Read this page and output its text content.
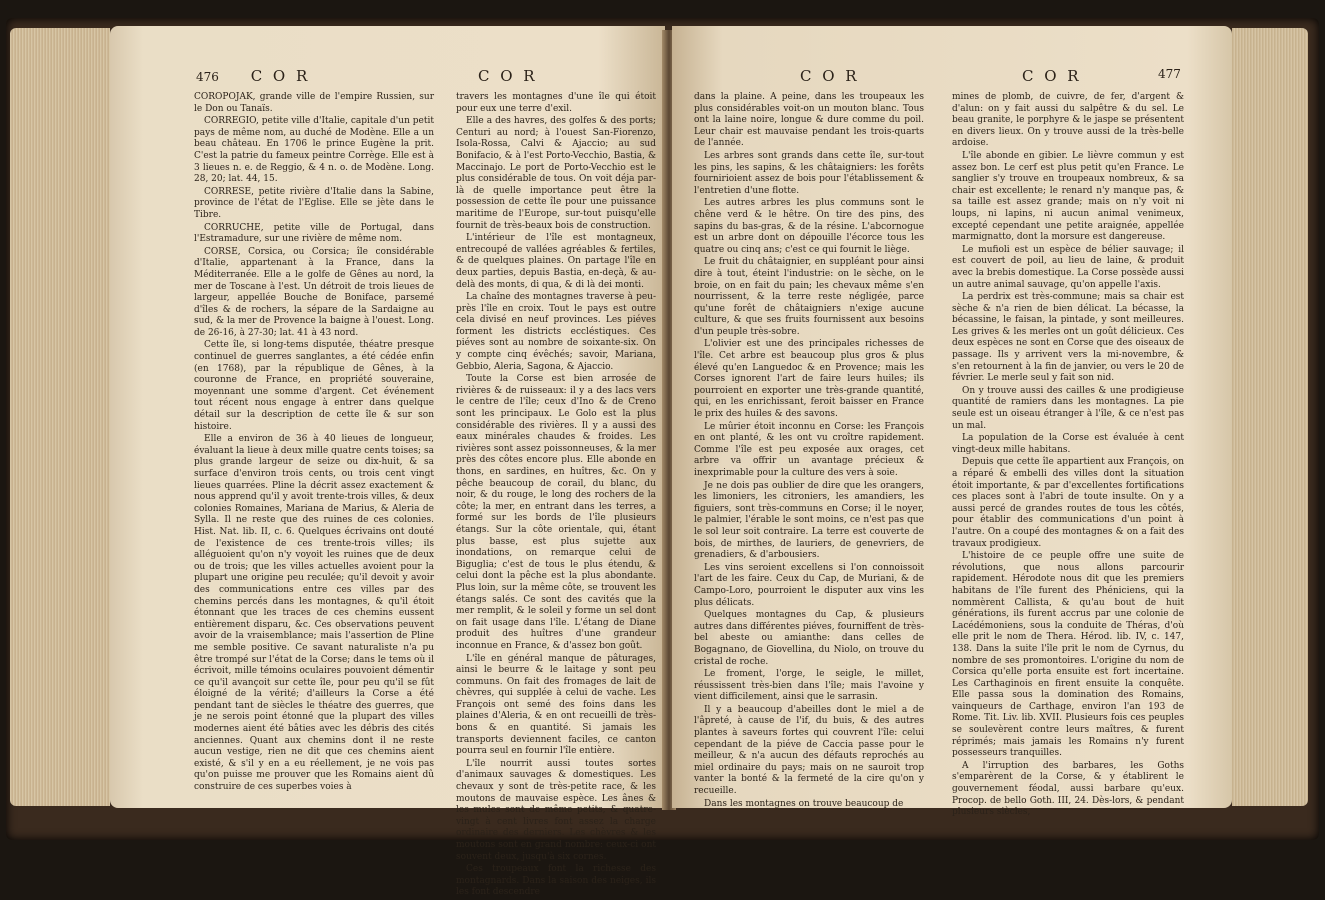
476 C O R	C O R

COROPOJAK, grande ville de l'empire Russien, sur le Don ou Tanaïs.

CORREGIO, petite ville d'Italie, capitale d'un petit pays de même nom, au duché de Modène. Elle a un beau château. En 1706 le prince Eugène la prit. C'est la patrie du fameux peintre Corrège. Elle est à 3 lieues n. e. de Reggio, & 4 n. o. de Modène. Long. 28, 20; lat. 44, 15.

CORRESE, petite rivière d'Italie dans la Sabine, province de l'état de l'Eglise. Elle se jète dans le Tibre.

CORRUCHE, petite ville de Portugal, dans l'Estramadure, sur une rivière de même nom.

CORSE, Corsica, ou Corsica; île considérable d'Italie, appartenant à la France, dans la Méditerranée. Elle a le golfe de Gênes au nord, la mer de Toscane à l'est. Un détroit de trois lieues de largeur, appellée Bouche de Boniface, parsemé d'îles & de rochers, la sépare de la Sardaigne au sud, & la mer de Provence la baigne à l'ouest. Long. de 26-16, à 27-30; lat. 41 à 43 nord.

Cette île, si long-tems disputée, théatre presque continuel de guerres sanglantes, a été cédée enfin (en 1768), par la république de Gênes, à la couronne de France, en propriété souveraine, moyennant une somme d'argent. Cet événement tout récent nous engage à entrer dans quelque détail sur la description de cette île & sur son histoire.

Elle a environ de 36 à 40 lieues de longueur, évaluant la lieue à deux mille quatre cents toises; sa plus grande largeur de seize ou dix-huit, & sa surface d'environ trois cents, ou trois cent vingt lieues quarrées. Pline la décrit assez exactement & nous apprend qu'il y avoit trente-trois villes, & deux colonies Romaines, Mariana de Marius, & Aleria de Sylla. Il ne reste que des ruines de ces colonies. Hist. Nat. lib. II, c. 6. Quelques écrivains ont douté de l'existence de ces trente-trois villes; ils alléguoient qu'on n'y voyoit les ruines que de deux ou de trois; que les villes actuelles avoient pour la plupart une origine peu reculée; qu'il devoit y avoir des communications entre ces villes par des chemins percés dans les montagnes, & qu'il étoit étonnant que les traces de ces chemins eussent entièrement disparu, &c. Ces observations peuvent avoir de la vraisemblance; mais l'assertion de Pline me semble positive. Ce savant naturaliste n'a pu être trompé sur l'état de la Corse; dans le tems où il écrivoit, mille témoins oculaires pouvoient démentir ce qu'il avançoit sur cette île, pour peu qu'il se fût éloigné de la vérité; d'ailleurs la Corse a été pendant tant de siècles le théatre des guerres, que je ne serois point étonné que la plupart des villes modernes aient été bâties avec les débris des cités anciennes. Quant aux chemins dont il ne reste aucun vestige, rien ne dit que ces chemins aient existé, & s'il y en a eu réellement, je ne vois pas qu'on puisse me prouver que les Romains aient dû construire de ces superbes voies à

travers les montagnes d'une île qui étoit pour eux une terre d'exil.

Elle a des havres, des golfes & des ports; Centuri au nord; à l'ouest San-Fiorenzo, Isola-Rossa, Calvi & Ajaccio; au sud Bonifacio, & à l'est Porto-Vecchio, Bastia, & Maccinajo. Le port de Porto-Vecchio est le plus considérable de tous. On voit déja par-là de quelle importance peut être la possession de cette île pour une puissance maritime de l'Europe, sur-tout puisqu'elle fournit de très-beaux bois de construction.

L'intérieur de l'île est montagneux, entrecoupé de vallées agréables & fertiles, & de quelques plaines. On partage l'île en deux parties, depuis Bastia, en-deçà, & au-delà des monts, di qua, & di là dei monti.

La chaîne des montagnes traverse à peu-près l'île en croix. Tout le pays est outre cela divisé en neuf provinces. Les piéves forment les districts eccléstiques. Ces piéves sont au nombre de soixante-six. On y compte cinq évêchés; savoir, Mariana, Gebbio, Aleria, Sagona, & Ajaccio.

Toute la Corse est bien arrosée de rivières & de ruisseaux: il y a des lacs vers le centre de l'île; ceux d'Ino & de Creno sont les principaux. Le Golo est la plus considérable des rivières. Il y a aussi des eaux minérales chaudes & froides. Les rivières sont assez poissonneuses, & la mer près des côtes encore plus. Elle abonde en thons, en sardines, en huîtres, &c. On y pêche beaucoup de corail, du blanc, du noir, & du rouge, le long des rochers de la côte; la mer, en entrant dans les terres, a formé sur les bords de l'île plusieurs étangs. Sur la côte orientale, qui, étant plus basse, est plus sujette aux inondations, on remarque celui de Biguglia; c'est de tous le plus étendu, & celui dont la pêche est la plus abondante. Plus loin, sur la même côte, se trouvent les étangs salés. Ce sont des cavités que la mer remplit, & le soleil y forme un sel dont on fait usage dans l'île. L'étang de Diane produit des huîtres d'une grandeur inconnue en France, & d'assez bon goût.

L'île en général manque de pâturages, ainsi le beurre & le laitage y sont peu communs. On fait des fromages de lait de chèvres, qui supplée à celui de vache. Les François ont semé des foins dans les plaines d'Aleria, & en ont recueilli de très-bons & en quantité. Si jamais les transports deviennent faciles, ce canton pourra seul en fournir l'île entière.

L'île nourrit aussi toutes sortes d'animaux sauvages & domestiques. Les chevaux y sont de très-petite race, & les moutons de mauvaise espèce. Les ânes & les mules sont de même petits, & quatre-vingt à cent livres font assez la charge ordinaire des derniers. Les chèvres & les moutons sont en grand nombre: ceux-ci ont souvent deux, jusqu'à six cornes.

Ces troupeaux font la richesse des montagnards. Dans la saison des neiges, ils les font descendre

C O R	C O R	477

dans la plaine. A peine, dans les troupeaux les plus considérables voit-on un mouton blanc. Tous ont la laine noire, longue & dure comme du poil. Leur chair est mauvaise pendant les trois-quarts de l'année.

Les arbres sont grands dans cette île, sur-tout les pins, les sapins, & les châtaigniers: les forêts fournirioient assez de bois pour l'établissement & l'entretien d'une flotte.

Les autres arbres les plus communs sont le chêne verd & le hêtre. On tire des pins, des sapins du bas-gras, & de la résine. L'abcornogue est un arbre dont on dépouille l'écorce tous les quatre ou cinq ans; c'est ce qui fournit le liège.

Le fruit du châtaignier, en suppléant pour ainsi dire à tout, éteint l'industrie: on le sèche, on le broie, on en fait du pain; les chevaux même s'en nourrissent, & la terre reste négligée, parce qu'une forêt de châtaigniers n'exige aucune culture, & que ses fruits fournissent aux besoins d'un peuple très-sobre.

L'olivier est une des principales richesses de l'île. Cet arbre est beaucoup plus gros & plus élevé qu'en Languedoc & en Provence; mais les Corses ignorent l'art de faire leurs huiles; ils pourroient en exporter une très-grande quantité, qui, en les enrichissant, feroit baisser en France le prix des huiles & des savons.

Le mûrier étoit inconnu en Corse: les François en ont planté, & les ont vu croître rapidement. Comme l'île est peu exposée aux orages, cet arbre va offrir un avantage précieux & inexprimable pour la culture des vers à soie.

Je ne dois pas oublier de dire que les orangers, les limoniers, les citroniers, les amandiers, les figuiers, sont très-communs en Corse; il le noyer, le palmier, l'érable le sont moins, ce n'est pas que le sol leur soit contraire. La terre est couverte de bois, de mirthes, de lauriers, de genevriers, de grenadiers, & d'arbousiers.

Les vins seroient excellens si l'on connoissoit l'art de les faire. Ceux du Cap, de Muriani, & de Campo-Loro, pourroient le disputer aux vins les plus délicats.

Quelques montagnes du Cap, & plusieurs autres dans différentes piéves, fourniffent de très-bel abeste ou amianthe: dans celles de Bogagnano, de Giovellina, du Niolo, on trouve du cristal de roche.

Le froment, l'orge, le seigle, le millet, réussissent très-bien dans l'île; mais l'avoine y vient difficilement, ainsi que le sarrasin.

Il y a beaucoup d'abeilles dont le miel a de l'âpreté, à cause de l'if, du buis, & des autres plantes à saveurs fortes qui couvrent l'île: celui cependant de la piéve de Caccia passe pour le meilleur, & n'a aucun des défauts reprochés au miel ordinaire du pays; mais on ne sauroit trop vanter la bonté & la fermeté de la cire qu'on y recueille.

Dans les montagnes on trouve beaucoup de

mines de plomb, de cuivre, de fer, d'argent & d'alun: on y fait aussi du salpêtre & du sel. Le beau granite, le porphyre & le jaspe se présentent en divers lieux. On y trouve aussi de la très-belle ardoise.

L'île abonde en gibier. Le lièvre commun y est assez bon. Le cerf est plus petit qu'en France. Le sanglier s'y trouve en troupeaux nombreux, & sa chair est excellente; le renard n'y manque pas, & sa taille est assez grande; mais on n'y voit ni loups, ni lapins, ni aucun animal venimeux, excepté cependant une petite araignée, appellée marmignatto, dont la morsure est dangereuse.

Le mufioli est un espèce de bélier sauvage; il est couvert de poil, au lieu de laine, & produit avec la brebis domestique. La Corse possède aussi un autre animal sauvage, qu'on appelle l'axis.

La perdrix est très-commune; mais sa chair est sèche & n'a rien de bien délicat. La bécasse, la bécassine, le faisan, la pintade, y sont meilleures. Les grives & les merles ont un goût délicieux. Ces deux espèces ne sont en Corse que des oiseaux de passage. Ils y arrivent vers la mi-novembre, & s'en retournent à la fin de janvier, ou vers le 20 de février. Le merle seul y fait son nid.

On y trouve aussi des cailles & une prodigieuse quantité de ramiers dans les montagnes. La pie seule est un oiseau étranger à l'île, & ce n'est pas un mal.

La population de la Corse est évaluée à cent vingt-deux mille habitans.

Depuis que cette île appartient aux François, on a réparé & embelli des villes dont la situation étoit importante, & par d'excellentes fortifications ces places sont à l'abri de toute insulte. On y a aussi percé de grandes routes de tous les côtés, pour établir des communications d'un point à l'autre. On a coupé des montagnes & on a fait des travaux prodigieux.

L'histoire de ce peuple offre une suite de révolutions, que nous allons parcourir rapidement. Hérodote nous dit que les premiers habitans de l'île furent des Phéniciens, qui la nommèrent Callista, & qu'au bout de huit générations, ils furent accrus par une colonie de Lacédémoniens, sous la conduite de Théras, d'où elle prit le nom de Thera. Hérod. lib. IV, c. 147, 138. Dans la suite l'île prit le nom de Cyrnus, du nombre de ses promontoires. L'origine du nom de Corsica qu'elle porta ensuite est fort incertaine. Les Carthaginois en firent ensuite la conquête. Elle passa sous la domination des Romains, vainqueurs de Carthage, environ l'an 193 de Rome. Tit. Liv. lib. XVII. Plusieurs fois ces peuples se soulevèrent contre leurs maîtres, & furent réprimés; mais jamais les Romains n'y furent possesseurs tranquilles.

A l'irruption des barbares, les Goths s'emparèrent de la Corse, & y établirent le gouvernement féodal, aussi barbare qu'eux. Procop. de bello Goth. III, 24. Dès-lors, & pendant plusieurs siècles,
